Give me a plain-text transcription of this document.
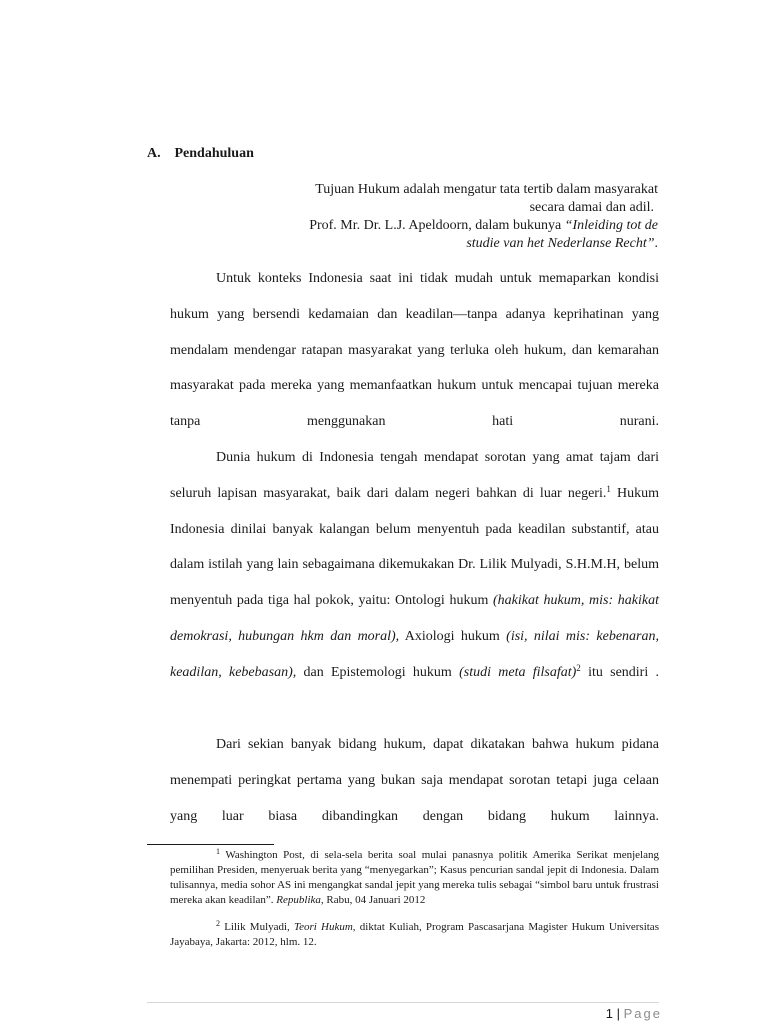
A. Pendahuluan
Tujuan Hukum adalah mengatur tata tertib dalam masyarakat
secara damai dan adil.
Prof. Mr. Dr. L.J. Apeldoorn, dalam bukunya “Inleiding tot de
studie van het Nederlanse Recht”.
Untuk konteks Indonesia saat ini tidak mudah untuk memaparkan kondisi hukum yang bersendi kedamaian dan keadilan—tanpa adanya keprihatinan yang mendalam mendengar ratapan masyarakat yang terluka oleh hukum, dan kemarahan masyarakat pada mereka yang memanfaatkan hukum untuk mencapai tujuan mereka tanpa menggunakan hati nurani.
Dunia hukum di Indonesia tengah mendapat sorotan yang amat tajam dari seluruh lapisan masyarakat, baik dari dalam negeri bahkan di luar negeri.$^1$ Hukum Indonesia dinilai banyak kalangan belum menyentuh pada keadilan substantif, atau dalam istilah yang lain sebagaimana dikemukakan Dr. Lilik Mulyadi, S.H.M.H, belum menyentuh pada tiga hal pokok, yaitu: Ontologi hukum (hakikat hukum, mis: hakikat demokrasi, hubungan hkm dan moral), Axiologi hukum (isi, nilai mis: kebenaran, keadilan, kebebasan), dan Epistemologi hukum (studi meta filsafat)$^2$ itu sendiri .
Dari sekian banyak bidang hukum, dapat dikatakan bahwa hukum pidana menempati peringkat pertama yang bukan saja mendapat sorotan tetapi juga celaan yang luar biasa dibandingkan dengan bidang hukum lainnya.

$^1$ Washington Post, di sela-sela berita soal mulai panasnya politik Amerika Serikat menjelang pemilihan Presiden, menyeruak berita yang “menyegarkan”; Kasus pencurian sandal jepit di Indonesia. Dalam tulisannya, media sohor AS ini mengangkat sandal jepit yang mereka tulis sebagai “simbol baru untuk frustrasi mereka akan keadilan”. Republika, Rabu, 04 Januari 2012

$^2$ Lilik Mulyadi, Teori Hukum, diktat Kuliah, Program Pascasarjana Magister Hukum Universitas Jayabaya, Jakarta: 2012, hlm. 12.

1 | Page
